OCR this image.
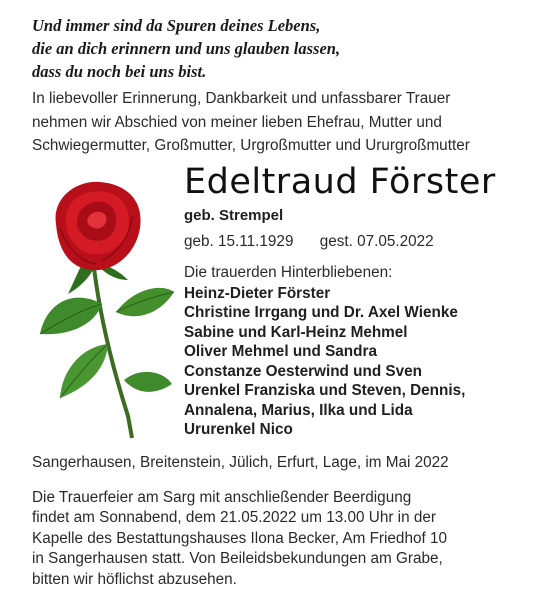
Und immer sind da Spuren deines Lebens,
die an dich erinnern und uns glauben lassen,
dass du noch bei uns bist.
In liebevoller Erinnerung, Dankbarkeit und unfassbarer Trauer
nehmen wir Abschied von meiner lieben Ehefrau, Mutter und
Schwiegermutter, Großmutter, Urgroßmutter und Ururgroßmutter
Edeltraud Förster
geb. Strempel
geb. 15.11.1929 gest. 07.05.2022
Die trauerden Hinterbliebenen:
Heinz-Dieter Förster
Christine Irrgang und Dr. Axel Wienke
Sabine und Karl-Heinz Mehmel
Oliver Mehmel und Sandra
Constanze Oesterwind und Sven
Urenkel Franziska und Steven, Dennis,
Annalena, Marius, Ilka und Lida
Ururenkel Nico
Sangerhausen, Breitenstein, Jülich, Erfurt, Lage, im Mai 2022
Die Trauerfeier am Sarg mit anschließender Beerdigung
findet am Sonnabend, dem 21.05.2022 um 13.00 Uhr in der
Kapelle des Bestattungshauses Ilona Becker, Am Friedhof 10
in Sangerhausen statt. Von Beileidsbekundungen am Grabe,
bitten wir höflichst abzusehen.
